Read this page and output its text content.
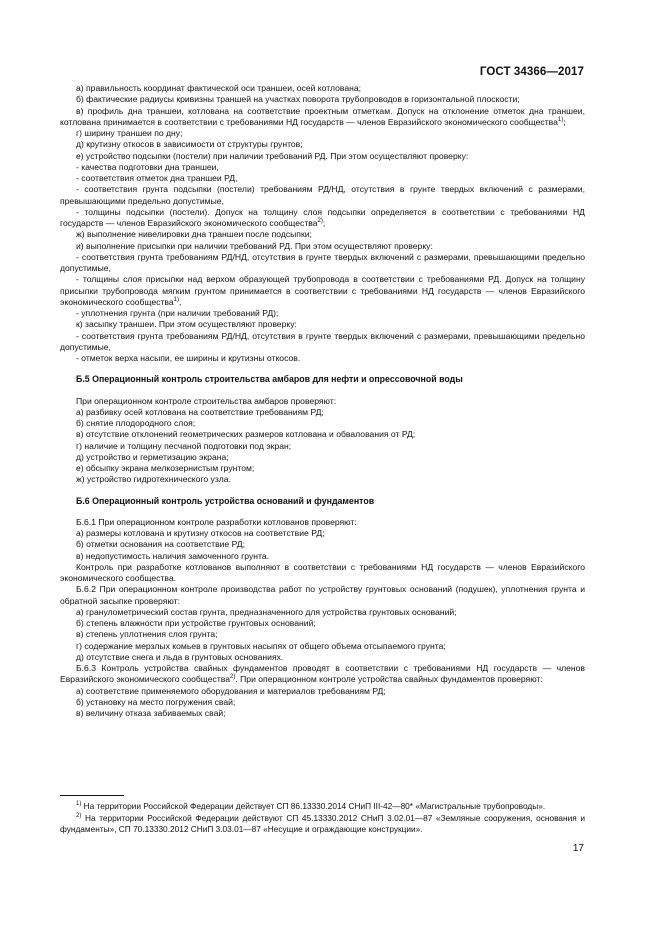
ГОСТ 34366—2017

а) правильность координат фактической оси траншеи, осей котлована;

б) фактические радиусы кривизны траншей на участках поворота трубопроводов в горизонтальной плоскости;

в) профиль дна траншеи, котлована на соответствие проектным отметкам. Допуск на отклонение отметок дна траншеи, котлована принимается в соответствии с требованиями НД государств — членов Евразийского экономического сообщества$^{1)}$;

г) ширину траншеи по дну;

д) крутизну откосов в зависимости от структуры грунтов;

е) устройство подсыпки (постели) при наличии требований РД. При этом осуществляют проверку:

- качества подготовки дна траншеи,

- соответствия отметок дна траншеи РД,

- соответствия грунта подсыпки (постели) требованиям РД/НД, отсутствия в грунте твердых включений с размерами, превышающими предельно допустимые,

- толщины подсыпки (постели). Допуск на толщину слоя подсыпки определяется в соответствии с требованиями НД государств — членов Евразийского экономического сообщества$^{2)}$;

ж) выполнение нивелировки дна траншеи после подсыпки;

и) выполнение присыпки при наличии требований РД. При этом осуществляют проверку:

- соответствия грунта требованиям РД/НД, отсутствия в грунте твердых включений с размерами, превышающими предельно допустимые,

- толщины слоя присыпки над верхом образующей трубопровода в соответствии с требованиями РД. Допуск на толщину присыпки трубопровода мягким грунтом принимается в соответствии с требованиями НД государств — членов Евразийского экономического сообщества$^{1)}$,

- уплотнения грунта (при наличии требований РД);

к) засыпку траншеи. При этом осуществляют проверку:

- соответствия грунта требованиям РД/НД, отсутствия в грунте твердых включений с размерами, превышающими предельно допустимые,

- отметок верха насыпи, ее ширины и крутизны откосов.

Б.5 Операционный контроль строительства амбаров для нефти и опрессовочной воды

При операционном контроле строительства амбаров проверяют:

а) разбивку осей котлована на соответствие требованиям РД;

б) снятие плодородного слоя;

в) отсутствие отклонений геометрических размеров котлована и обвалования от РД;

г) наличие и толщину песчаной подготовки под экран;

д) устройство и герметизацию экрана;

е) обсыпку экрана мелкозернистым грунтом;

ж) устройство гидротехнического узла.

Б.6 Операционный контроль устройства оснований и фундаментов

Б.6.1 При операционном контроле разработки котлованов проверяют:

а) размеры котлована и крутизну откосов на соответствие РД;

б) отметки основания на соответствие РД;

в) недопустимость наличия замоченного грунта.

Контроль при разработке котлованов выполняют в соответствии с требованиями НД государств — членов Евразийского экономического сообщества.

Б.6.2 При операционном контроле производства работ по устройству грунтовых оснований (подушек), уплотнения грунта и обратной засыпке проверяют:

а) гранулометрический состав грунта, предназначенного для устройства грунтовых оснований;

б) степень влажности при устройстве грунтовых оснований;

в) степень уплотнения слоя грунта;

г) содержание мерзлых комьев в грунтовых насыпях от общего объема отсыпаемого грунта;

д) отсутствие снега и льда в грунтовых основаниях.

Б.6.3 Контроль устройства свайных фундаментов проводят в соответствии с требованиями НД государств — членов Евразийского экономического сообщества$^{2)}$. При операционном контроле устройства свайных фундаментов проверяют:

а) соответствие применяемого оборудования и материалов требованиям РД;

б) установку на место погружения свай;

в) величину отказа забиваемых свай;

$^{1)}$ На территории Российской Федерации действует СП 86.13330.2014 СНиП III-42—80* «Магистральные трубопроводы».

$^{2)}$ На территории Российской Федерации действуют СП 45.13330.2012 СНиП 3.02.01—87 «Земляные сооружения, основания и фундаменты», СП 70.13330.2012 СНиП 3.03.01—87 «Несущие и ограждающие конструкции».

17
